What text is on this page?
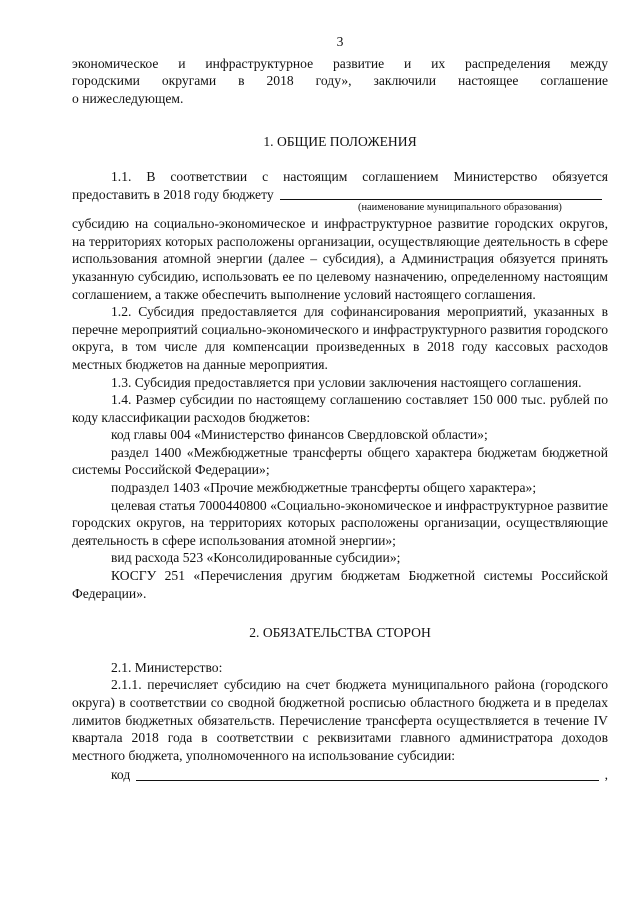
3

экономическое и инфраструктурное развитие и их распределения между

городскими округами в 2018 году», заключили настоящее соглашение

о нижеследующем.

1. ОБЩИЕ ПОЛОЖЕНИЯ

1.1. В соответствии с настоящим соглашением Министерство обязуется

предоставить в 2018 году бюджету
(наименование муниципального образования)

субсидию на социально-экономическое и инфраструктурное развитие городских округов, на территориях которых расположены организации, осуществляющие деятельность в сфере использования атомной энергии (далее – субсидия), а Администрация обязуется принять указанную субсидию, использовать ее по целевому назначению, определенному настоящим соглашением, а также обеспечить выполнение условий настоящего соглашения.

1.2. Субсидия предоставляется для софинансирования мероприятий, указанных в перечне мероприятий социально-экономического и инфраструктурного развития городского округа, в том числе для компенсации произведенных в 2018 году кассовых расходов местных бюджетов на данные мероприятия.

1.3. Субсидия предоставляется при условии заключения настоящего соглашения.

1.4. Размер субсидии по настоящему соглашению составляет 150 000 тыс. рублей по коду классификации расходов бюджетов:

код главы 004 «Министерство финансов Свердловской области»;

раздел 1400 «Межбюджетные трансферты общего характера бюджетам бюджетной системы Российской Федерации»;

подраздел 1403 «Прочие межбюджетные трансферты общего характера»;

целевая статья 7000440800 «Социально-экономическое и инфраструктурное развитие городских округов, на территориях которых расположены организации, осуществляющие деятельность в сфере использования атомной энергии»;

вид расхода 523 «Консолидированные субсидии»;

КОСГУ 251 «Перечисления другим бюджетам Бюджетной системы Российской Федерации».

2. ОБЯЗАТЕЛЬСТВА СТОРОН

2.1. Министерство:

2.1.1. перечисляет субсидию на счет бюджета муниципального района (городского округа) в соответствии со сводной бюджетной росписью областного бюджета и в пределах лимитов бюджетных обязательств. Перечисление трансферта осуществляется в течение IV квартала 2018 года в соответствии с реквизитами главного администратора доходов местного бюджета, уполномоченного на использование субсидии:

код	,
